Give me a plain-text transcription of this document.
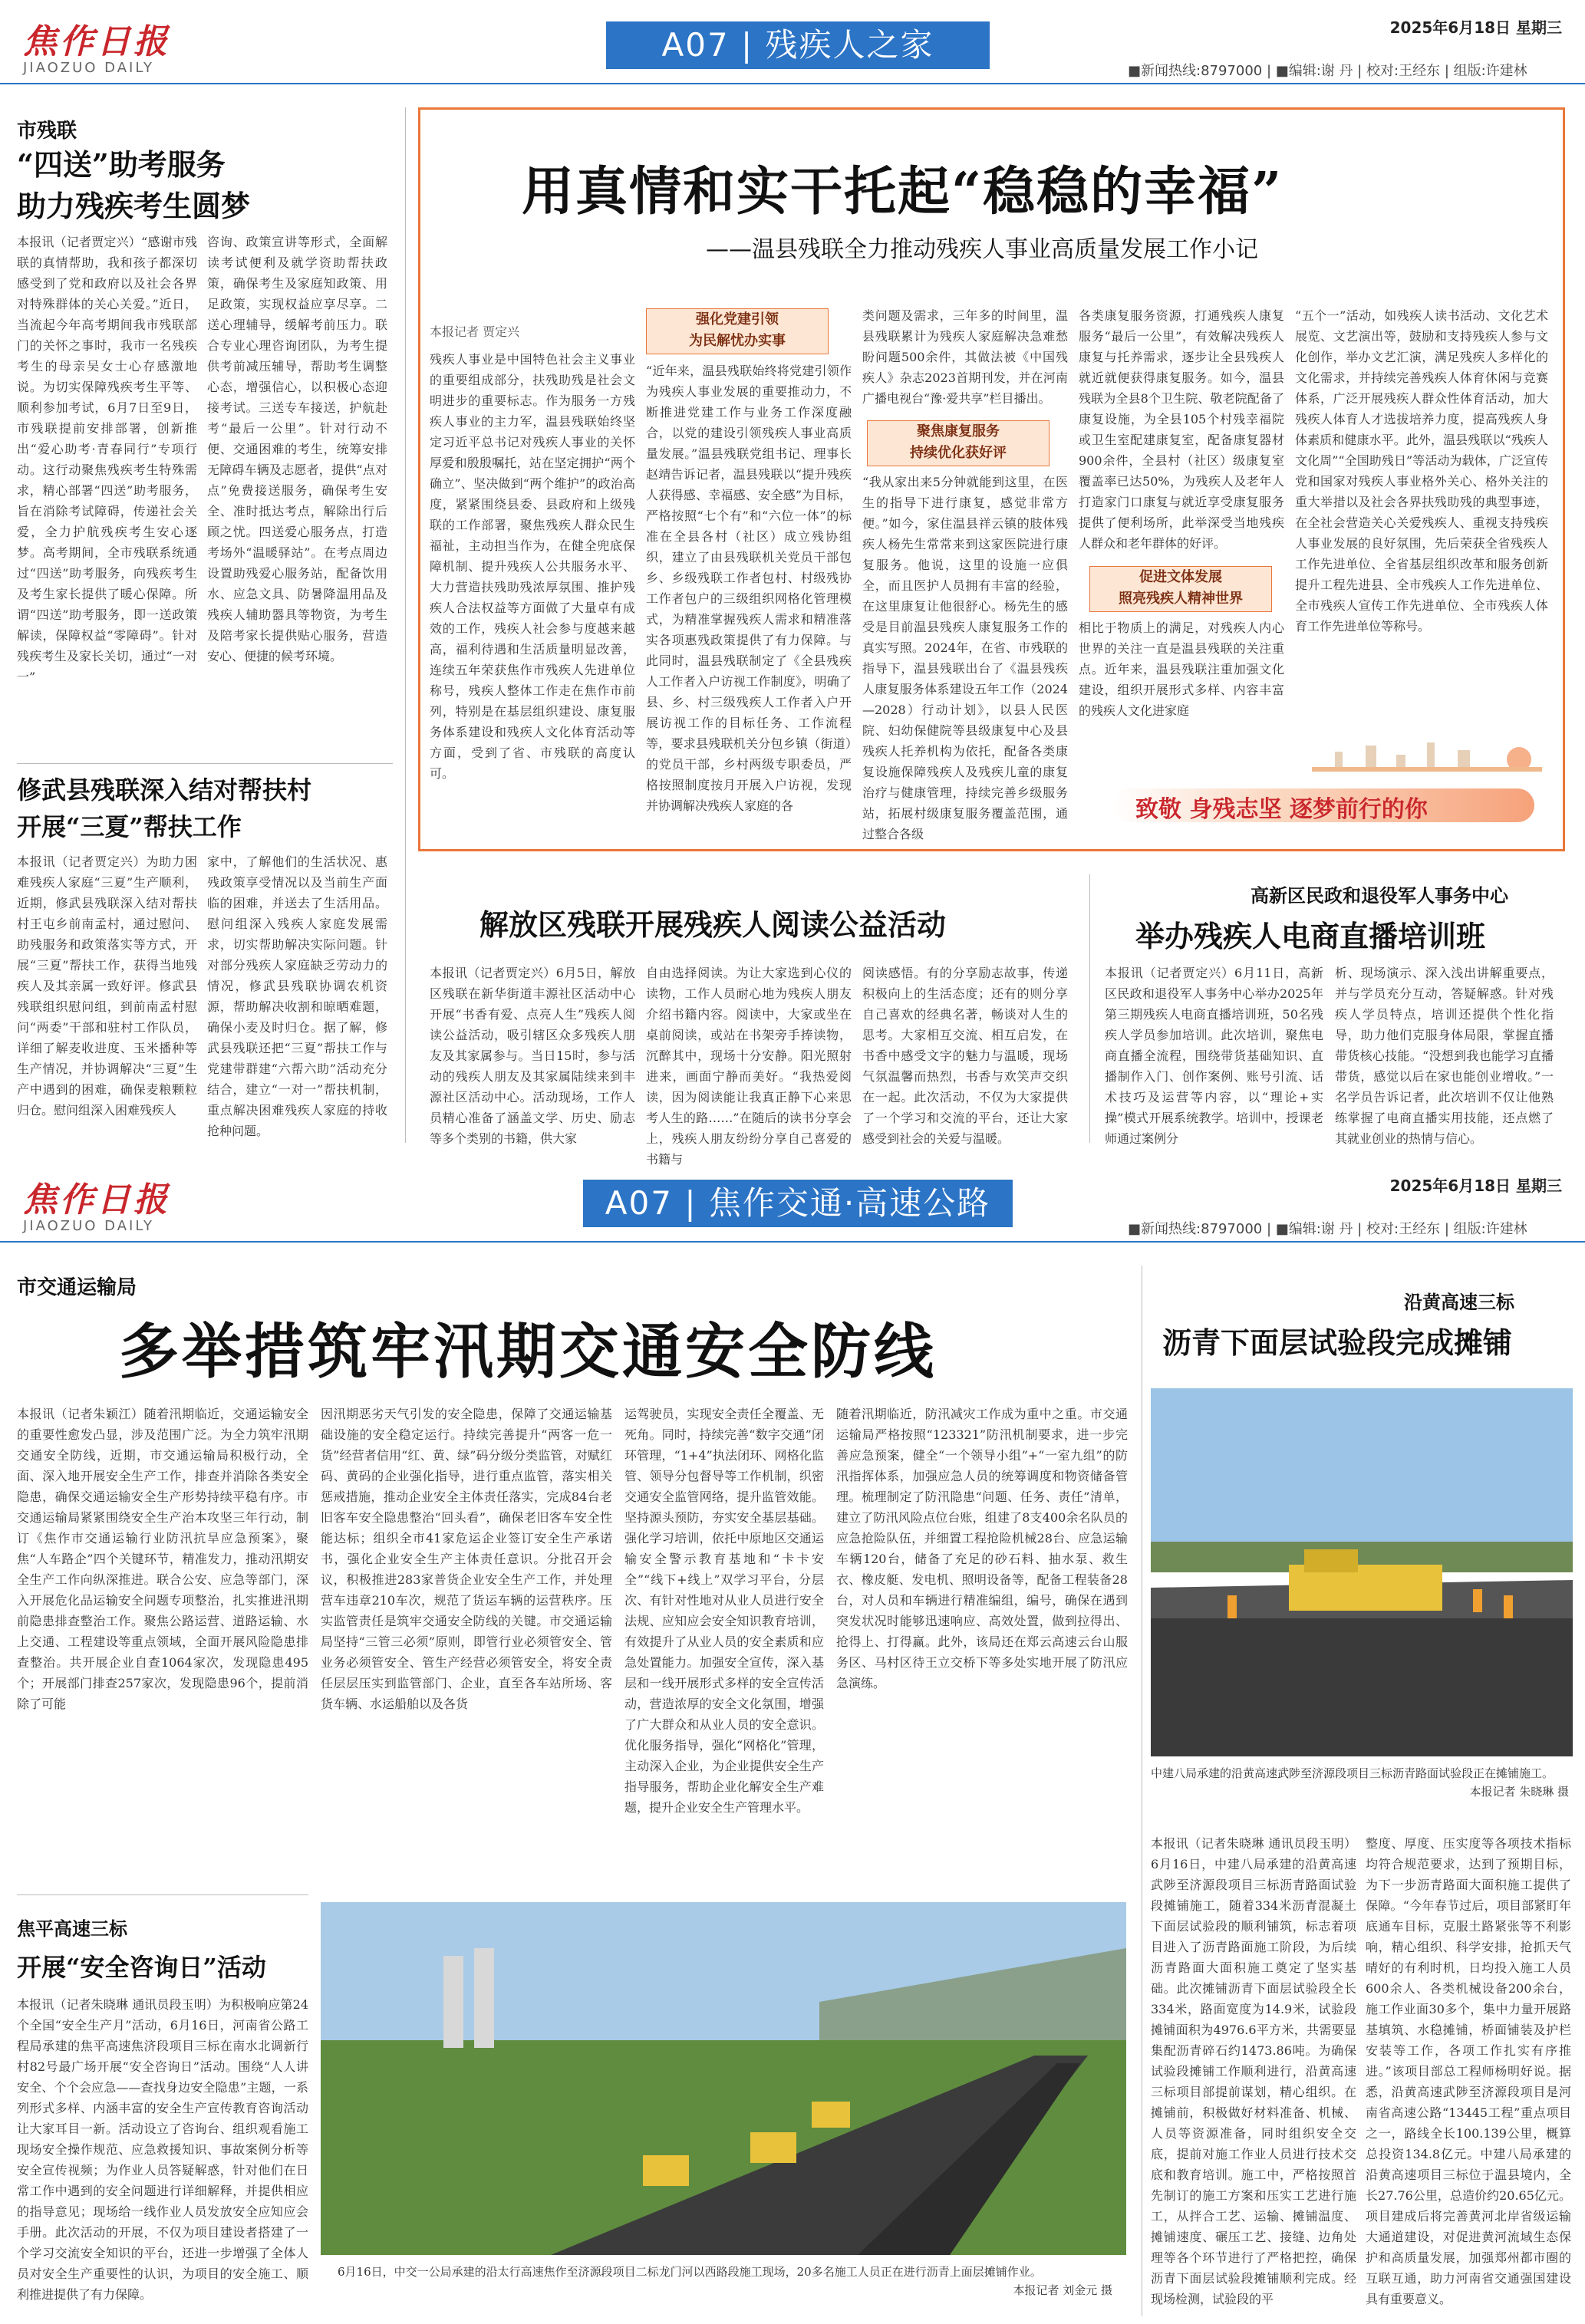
焦作日报
JIAOZUO DAILY
A07 | 残疾人之家	2025年6月18日 星期三
■新闻热线:8797000 | ■编辑:谢 丹 | 校对:王经东 | 组版:许建林
市残联
“四送”助考服务
助力残疾考生圆梦
本报讯（记者贾定兴）“感谢市残联的真情帮助，我和孩子都深切感受到了党和政府以及社会各界对特殊群体的关心关爱。”近日，当流起今年高考期间我市残联部门的关怀之事时，我市一名残疾考生的母亲吴女士心存感激地说。为切实保障残疾考生平等、顺利参加考试，6月7日至9日，市残联提前安排部署，创新推出“爱心助考·青春同行”专项行动。这行动聚焦残疾考生特殊需求，精心部署“四送”助考服务，旨在消除考试障碍，传递社会关爱，全力护航残疾考生安心逐梦。高考期间，全市残联系统通过“四送”助考服务，向残疾考生及考生家长提供了暖心保障。所谓“四送”助考服务，即一送政策解读，保障权益“零障碍”。针对残疾考生及家长关切，通过“一对一”
咨询、政策宣讲等形式，全面解读考试便利及就学资助帮扶政策，确保考生及家庭知政策、用足政策，实现权益应享尽享。二送心理辅导，缓解考前压力。联合专业心理咨询团队，为考生提供考前减压辅导，帮助考生调整心态，增强信心，以积极心态迎接考试。三送专车接送，护航赴考“最后一公里”。针对行动不便、交通困难的考生，统筹安排无障碍车辆及志愿者，提供“点对点”免费接送服务，确保考生安全、准时抵达考点，解除出行后顾之忧。四送爱心服务点，打造考场外“温暖驿站”。在考点周边设置助残爱心服务站，配备饮用水、应急文具、防暑降温用品及残疾人辅助器具等物资，为考生及陪考家长提供贴心服务，营造安心、便捷的候考环境。
修武县残联深入结对帮扶村
开展“三夏”帮扶工作
本报讯（记者贾定兴）为助力困难残疾人家庭“三夏”生产顺利，近期，修武县残联深入结对帮扶村王屯乡前南孟村，通过慰问、助残服务和政策落实等方式，开展“三夏”帮扶工作，获得当地残疾人及其亲属一致好评。修武县残联组织慰问组，到前南孟村慰问“两委”干部和驻村工作队员，详细了解麦收进度、玉米播种等生产情况，并协调解决“三夏”生产中遇到的困难，确保麦粮颗粒归仓。慰问组深入困难残疾人
家中，了解他们的生活状况、惠残政策享受情况以及当前生产面临的困难，并送去了生活用品。慰问组深入残疾人家庭发展需求，切实帮助解决实际问题。针对部分残疾人家庭缺乏劳动力的情况，修武县残联协调农机资源，帮助解决收割和晾晒难题，确保小麦及时归仓。据了解，修武县残联还把“三夏”帮扶工作与党建带群建“六帮六助”活动充分结合，建立“一对一”帮扶机制，重点解决困难残疾人家庭的持收抢种问题。
用真情和实干托起“稳稳的幸福”
——温县残联全力推动残疾人事业高质量发展工作小记
本报记者 贾定兴
残疾人事业是中国特色社会主义事业的重要组成部分，扶残助残是社会文明进步的重要标志。作为服务一方残疾人事业的主力军，温县残联始终坚定习近平总书记对残疾人事业的关怀厚爱和殷殷嘱托，站在坚定拥护“两个确立”、坚决做到“两个维护”的政治高度，紧紧围绕县委、县政府和上级残联的工作部署，聚焦残疾人群众民生福祉，主动担当作为，在健全兜底保障机制、提升残疾人公共服务水平、大力营造扶残助残浓厚氛围、推护残疾人合法权益等方面做了大量卓有成效的工作，残疾人社会参与度越来越高，福利待遇和生活质量明显改善，连续五年荣获焦作市残疾人先进单位称号，残疾人整体工作走在焦作市前列，特别是在基层组织建设、康复服务体系建设和残疾人文化体育活动等方面，受到了省、市残联的高度认可。
强化党建引领
为民解忧办实事
“近年来，温县残联始终将党建引领作为残疾人事业发展的重要推动力，不断推进党建工作与业务工作深度融合，以党的建设引领残疾人事业高质量发展。”温县残联党组书记、理事长赵靖告诉记者，温县残联以“提升残疾人获得感、幸福感、安全感”为目标，严格按照“七个有”和“六位一体”的标准在全县各村（社区）成立残协组织，建立了由县残联机关党员干部包乡、乡级残联工作者包村、村级残协工作者包户的三级组织网格化管理模式，为精准掌握残疾人需求和精准落实各项惠残政策提供了有力保障。与此同时，温县残联制定了《全县残疾人工作者入户访视工作制度》，明确了县、乡、村三级残疾人工作者入户开展访视工作的目标任务、工作流程等，要求县残联机关分包乡镇（街道）的党员干部，乡村两级专职委员，严格按照制度按月开展入户访视，发现并协调解决残疾人家庭的各
类问题及需求，三年多的时间里，温县残联累计为残疾人家庭解决急难愁盼问题500余件，其做法被《中国残疾人》杂志2023首期刊发，并在河南广播电视台“豫·爱共享”栏目播出。
聚焦康复服务
持续优化获好评
“我从家出来5分钟就能到这里，在医生的指导下进行康复，感觉非常方便。”如今，家住温县祥云镇的肢体残疾人杨先生常常来到这家医院进行康复服务。他说，这里的设施一应俱全，而且医护人员拥有丰富的经验，在这里康复让他很舒心。杨先生的感受是目前温县残疾人康复服务工作的真实写照。2024年，在省、市残联的指导下，温县残联出台了《温县残疾人康复服务体系建设五年工作（2024—2028）行动计划》，以县人民医院、妇幼保健院等县级康复中心及县残疾人托养机构为依托，配备各类康复设施保障残疾人及残疾儿童的康复治疗与健康管理，持续完善乡级服务站，拓展村级康复服务覆盖范围，通过整合各级
各类康复服务资源，打通残疾人康复服务“最后一公里”，有效解决残疾人康复与托养需求，逐步让全县残疾人就近就便获得康复服务。如今，温县残联为全县8个卫生院、敬老院配备了康复设施，为全县105个村残幸福院或卫生室配建康复室，配备康复器材900余件，全县村（社区）级康复室覆盖率已达50%，为残疾人及老年人打造家门口康复与就近享受康复服务提供了便利场所，此举深受当地残疾人群众和老年群体的好评。
促进文体发展
照亮残疾人精神世界
相比于物质上的满足，对残疾人内心世界的关注一直是温县残联的关注重点。近年来，温县残联注重加强文化建设，组织开展形式多样、内容丰富的残疾人文化进家庭
“五个一”活动，如残疾人读书活动、文化艺术展览、文艺演出等，鼓励和支持残疾人参与文化创作，举办文艺汇演，满足残疾人多样化的文化需求，并持续完善残疾人体育休闲与竞赛体系，广泛开展残疾人群众性体育活动，加大残疾人体育人才选拔培养力度，提高残疾人身体素质和健康水平。此外，温县残联以“残疾人文化周”“全国助残日”等活动为载体，广泛宣传党和国家对残疾人事业格外关心、格外关注的重大举措以及社会各界扶残助残的典型事迹，在全社会营造关心关爱残疾人、重视支持残疾人事业发展的良好氛围，先后荣获全省残疾人工作先进单位、全省基层组织改革和服务创新提升工程先进县、全市残疾人工作先进单位、全市残疾人宣传工作先进单位、全市残疾人体育工作先进单位等称号。
致敬 身残志坚 逐梦前行的你
解放区残联开展残疾人阅读公益活动
本报讯（记者贾定兴）6月5日，解放区残联在新华街道丰源社区活动中心开展“书香有爱、点亮人生”残疾人阅读公益活动，吸引辖区众多残疾人朋友及其家属参与。当日15时，参与活动的残疾人朋友及其家属陆续来到丰源社区活动中心。活动现场，工作人员精心准备了涵盖文学、历史、励志等多个类别的书籍，供大家
自由选择阅读。为让大家选到心仪的读物，工作人员耐心地为残疾人朋友介绍书籍内容。阅读中，大家或坐在桌前阅读，或站在书架旁手捧读物，沉醉其中，现场十分安静。阳光照射进来，画面宁静而美好。“我热爱阅读，因为阅读能让我真正静下心来思考人生的路……”在随后的读书分享会上，残疾人朋友纷纷分享自己喜爱的书籍与
阅读感悟。有的分享励志故事，传递积极向上的生活态度；还有的则分享自己喜欢的经典名著，畅谈对人生的思考。大家相互交流、相互启发，在书香中感受文字的魅力与温暖，现场气氛温馨而热烈，书香与欢笑声交织在一起。此次活动，不仅为大家提供了一个学习和交流的平台，还让大家感受到社会的关爱与温暖。
高新区民政和退役军人事务中心
举办残疾人电商直播培训班
本报讯（记者贾定兴）6月11日，高新区民政和退役军人事务中心举办2025年第三期残疾人电商直播培训班，50名残疾人学员参加培训。此次培训，聚焦电商直播全流程，围绕带货基础知识、直播制作入门、创作案例、账号引流、话术技巧及运营等内容，以“理论+实操”模式开展系统教学。培训中，授课老师通过案例分
析、现场演示、深入浅出讲解重要点，并与学员充分互动，答疑解惑。针对残疾人学员特点，培训还提供个性化指导，助力他们克服身体局限，掌握直播带货核心技能。“没想到我也能学习直播带货，感觉以后在家也能创业增收。”一名学员告诉记者，此次培训不仅让他熟练掌握了电商直播实用技能，还点燃了其就业创业的热情与信心。
焦作日报
JIAOZUO DAILY
A07 | 焦作交通·高速公路	2025年6月18日 星期三
■新闻热线:8797000 | ■编辑:谢 丹 | 校对:王经东 | 组版:许建林
市交通运输局
多举措筑牢汛期交通安全防线
本报讯（记者朱颖江）随着汛期临近，交通运输安全的重要性愈发凸显，涉及范围广泛。为全力筑牢汛期交通安全防线，近期，市交通运输局积极行动，全面、深入地开展安全生产工作，排查并消除各类安全隐患，确保交通运输安全生产形势持续平稳有序。市交通运输局紧紧围绕安全生产治本攻坚三年行动，制订《焦作市交通运输行业防汛抗旱应急预案》，聚焦“人车路企”四个关键环节，精准发力，推动汛期安全生产工作向纵深推进。联合公安、应急等部门，深入开展危化品运输安全问题专项整治，扎实推进汛期前隐患排查整治工作。聚焦公路运营、道路运输、水上交通、工程建设等重点领域，全面开展风险隐患排查整治。共开展企业自查1064家次，发现隐患495个；开展部门排查257家次，发现隐患96个，提前消除了可能
因汛期恶劣天气引发的安全隐患，保障了交通运输基础设施的安全稳定运行。持续完善提升“两客一危一货”经营者信用“红、黄、绿”码分级分类监管，对赋红码、黄码的企业强化指导，进行重点监管，落实相关惩戒措施，推动企业安全主体责任落实，完成84台老旧客车安全隐患整治“回头看”，确保老旧客车安全性能达标；组织全市41家危运企业签订安全生产承诺书，强化企业安全生产主体责任意识。分批召开会议，积极推进283家普货企业安全生产工作，并处理营车违章210车次，规范了货运车辆的运营秩序。压实监管责任是筑牢交通安全防线的关键。市交通运输局坚持“三管三必须”原则，即管行业必须管安全、管业务必须管安全、管生产经营必须管安全，将安全责任层层压实到监管部门、企业，直至各车站所场、客货车辆、水运船舶以及各货
运驾驶员，实现安全责任全覆盖、无死角。同时，持续完善“数字交通”闭环管理，“1+4”执法闭环、网格化监管、领导分包督导等工作机制，织密交通安全监管网络，提升监管效能。坚持源头预防，夯实安全基层基础。强化学习培训，依托中原地区交通运输安全警示教育基地和“卡卡安全”“线下+线上”双学习平台，分层次、有针对性地对从业人员进行安全法规、应知应会安全知识教育培训，有效提升了从业人员的安全素质和应急处置能力。加强安全宣传，深入基层和一线开展形式多样的安全宣传活动，营造浓厚的安全文化氛围，增强了广大群众和从业人员的安全意识。优化服务指导，强化“网格化”管理，主动深入企业，为企业提供安全生产指导服务，帮助企业化解安全生产难题，提升企业安全生产管理水平。
随着汛期临近，防汛减灾工作成为重中之重。市交通运输局严格按照“123321”防汛机制要求，进一步完善应急预案，健全“一个领导小组”+“一室九组”的防汛指挥体系，加强应急人员的统筹调度和物资储备管理。梳理制定了防汛隐患“问题、任务、责任”清单，建立了防汛风险点位台账，组建了8支400余名队员的应急抢险队伍，并细置工程抢险机械28台、应急运输车辆120台，储备了充足的砂石料、抽水泵、救生衣、橡皮艇、发电机、照明设备等，配备工程装备28台，对人员和车辆进行精准编组，编号，确保在遇到突发状况时能够迅速响应、高效处置，做到拉得出、抢得上、打得赢。此外，该局还在郑云高速云台山服务区、马村区待王立交桥下等多处实地开展了防汛应急演练。
沿黄高速三标
沥青下面层试验段完成摊铺
中建八局承建的沿黄高速武陟至济源段项目三标沥青路面试验段正在摊铺施工。
本报记者 朱晓琳 摄
本报讯（记者朱晓琳 通讯员段玉明）6月16日，中建八局承建的沿黄高速武陟至济源段项目三标沥青路面试验段摊铺施工，随着334米沥青混凝土下面层试验段的顺利铺筑，标志着项目进入了沥青路面施工阶段，为后续沥青路面大面积施工奠定了坚实基础。此次摊铺沥青下面层试验段全长334米，路面宽度为14.9米，试验段摊铺面积为4976.6平方米，共需要显集配沥青碎石约1473.86吨。为确保试验段摊铺工作顺利进行，沿黄高速三标项目部提前谋划，精心组织。在摊铺前，积极做好材料准备、机械、人员等资源准备，同时组织安全交底，提前对施工作业人员进行技术交底和教育培训。施工中，严格按照首先制订的施工方案和压实工艺进行施工，从拌合工艺、运输、摊铺温度、摊铺速度、碾压工艺、接缝、边角处理等各个环节进行了严格把控，确保沥青下面层试验段摊铺顺利完成。经现场检测，试验段的平
整度、厚度、压实度等各项技术指标均符合规范要求，达到了预期目标，为下一步沥青路面大面积施工提供了保障。“今年春节过后，项目部紧盯年底通车目标，克服土路紧张等不利影响，精心组织、科学安排，抢抓天气晴好的有利时机，日均投入施工人员600余人、各类机械设备200余台，施工作业面30多个，集中力量开展路基填筑、水稳摊铺，桥面铺装及护栏安装等工作，各项工作扎实有序推进。”该项目部总工程师杨明好说。据悉，沿黄高速武陟至济源段项目是河南省高速公路“13445工程”重点项目之一，路线全长100.139公里，概算总投资134.8亿元。中建八局承建的沿黄高速项目三标位于温县境内，全长27.76公里，总造价约20.65亿元。项目建成后将完善黄河北岸省级运输大通道建设，对促进黄河流域生态保护和高质量发展，加强郑州都市圈的互联互通，助力河南省交通强国建设具有重要意义。
焦平高速三标
开展“安全咨询日”活动
本报讯（记者朱晓琳 通讯员段玉明）为积极响应第24个全国“安全生产月”活动，6月16日，河南省公路工程局承建的焦平高速焦济段项目三标在南水北调新行村82号最广场开展“安全咨询日”活动。围绕“人人讲安全、个个会应急——查找身边安全隐患”主题，一系列形式多样、内涵丰富的安全生产宣传教育咨询活动让大家耳目一新。活动设立了咨询台、组织观看施工现场安全操作规范、应急救援知识、事故案例分析等安全宣传视频；为作业人员答疑解惑，针对他们在日常工作中遇到的安全问题进行详细解释，并提供相应的指导意见；现场给一线作业人员发放安全应知应会手册。此次活动的开展，不仅为项目建设者搭建了一个学习交流安全知识的平台，还进一步增强了全体人员对安全生产重要性的认识，为项目的安全施工、顺利推进提供了有力保障。
6月16日，中交一公局承建的沿太行高速焦作至济源段项目二标龙门河以西路段施工现场，20多名施工人员正在进行沥青上面层摊铺作业。
本报记者 刘金元 摄
